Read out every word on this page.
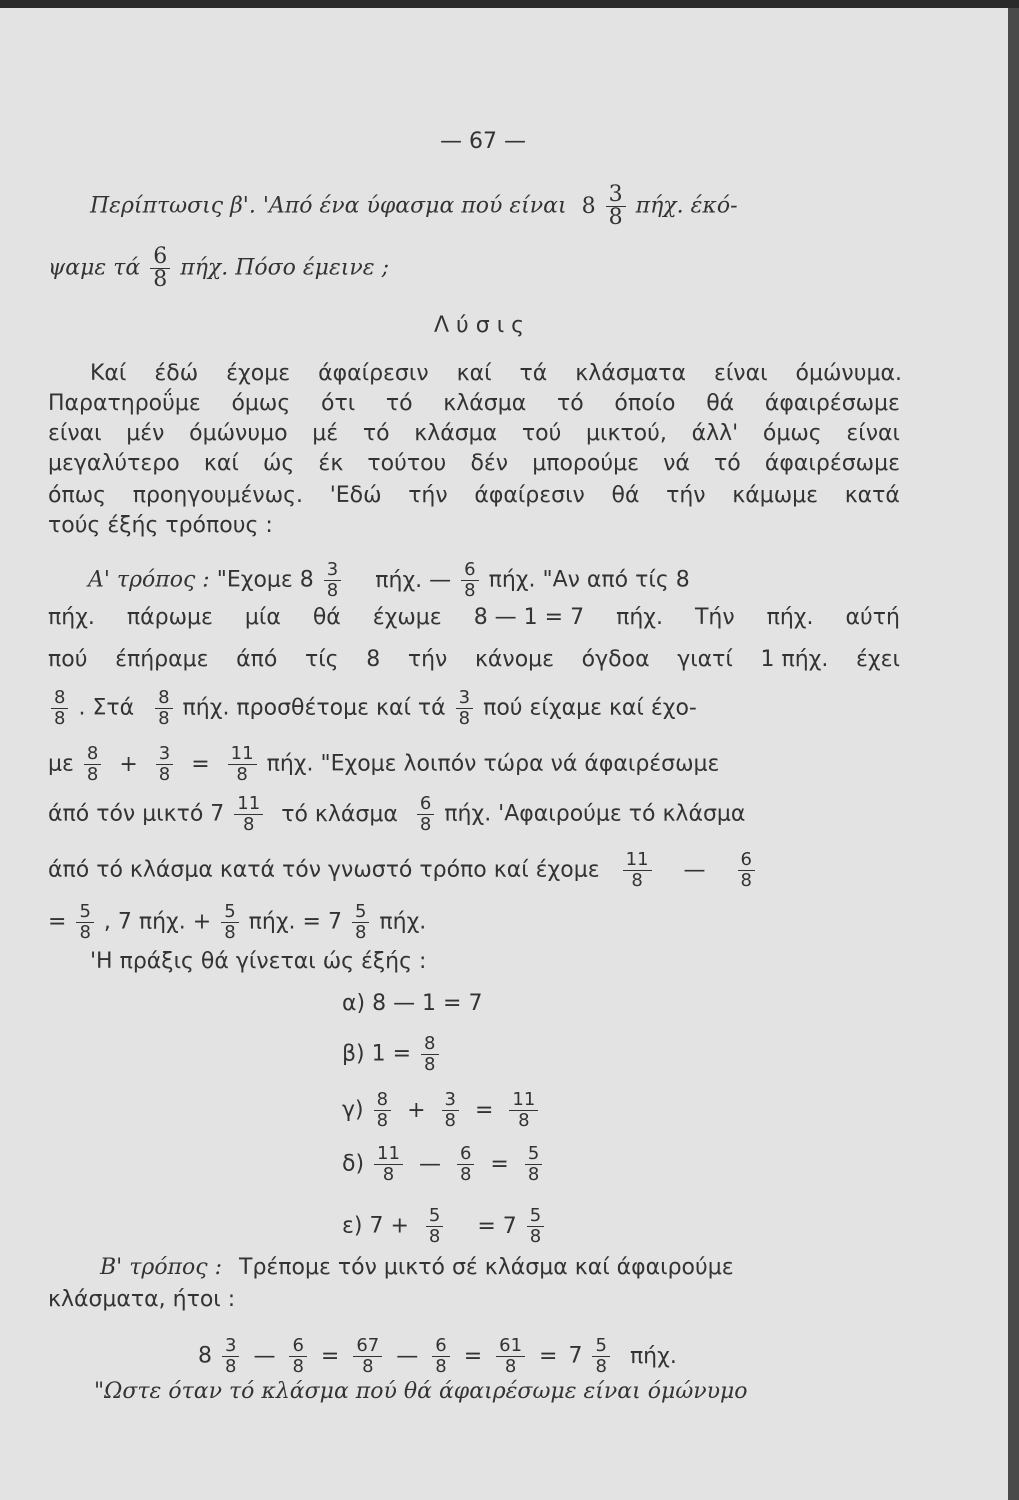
— 67 —
Περίπτωσις β'. 'Από ένα ύφασμα πού είναι $8 \frac{3}{8} \pi ή\chi$. έκό-
ψαμε τά $\frac{6}{8} \pi ή\chi$. Πόσο έμεινε ;
Λ ύ σ ι ς
Καί έδώ έχομε άφαίρεσιν καί τά κλάσματα είναι όμώνυμα.
Παρατηροΰμε όμως ότι τό κλάσμα τό όποίο θά άφαιρέσωμε
είναι μέν όμώνυμο μέ τό κλάσμα τού μικτού, άλλ' όμως είναι
μεγαλύτερο καί ώς έκ τούτου δέν μπορούμε νά τό άφαιρέσωμε
όπως προηγουμένως. 'Εδώ τήν άφαίρεσιν θά τήν κάμωμε κατά
τούς έξής τρόπους :
Α' τρόπος : "Εχομε $8 \frac{3}{8} \pi ή\chi$. — $\frac{6}{8} \pi ή\chi$. "Αν από τίς 8
πήχ. πάρωμε μία θά έχωμε 8 — 1 = 7 πήχ. Τήν πήχ. αύτή
πού έπήραμε άπό τίς 8 τήν κάνομε όγδοα γιατί 1 πήχ. έχει
$\frac{8}{8}$ . Στά $\frac{8}{8} \pi ή\chi$. προσθέτομε καί τά $\frac{3}{8}$ πού είχαμε καί έχο-
με $\frac{8}{8} + \frac{3}{8} = \frac{11}{8} \pi ή\chi$. "Εχομε λοιπόν τώρα νά άφαιρέσωμε
άπό τόν μικτό $7 \frac{11}{8}$ τό κλάσμα $\frac{6}{8} \pi ή\chi$. 'Αφαιρούμε τό κλάσμα
άπό τό κλάσμα κατά τόν γνωστό τρόπο καί έχομε $\frac{11}{8}$ — $\frac{6}{8}$
= $\frac{5}{8}$ , 7 πήχ. + $\frac{5}{8} \pi ή\chi$. = $7 \frac{5}{8} \pi ή\chi$.
'Η πράξις θά γίνεται ώς έξής :
α) 8 — 1 = 7
β) $1 = \frac{8}{8}$
$\gamma) \frac{8}{8} + \frac{3}{8} = \frac{11}{8}$
$\delta) \frac{11}{8}$ — $\frac{6}{8} = \frac{5}{8}$
ε) $7 + \frac{5}{8} = 7 \frac{5}{8}$
Β' τρόπος : Τρέπομε τόν μικτό σέ κλάσμα καί άφαιρούμε
κλάσματα, ήτοι :
$8 \frac{3}{8}$ — $\frac{6}{8} = \frac{67}{8}$ — $\frac{6}{8} = \frac{61}{8} = 7 \frac{5}{8} \pi ή\chi$.
"Ωστε όταν τό κλάσμα πού θά άφαιρέσωμε είναι όμώνυμο
